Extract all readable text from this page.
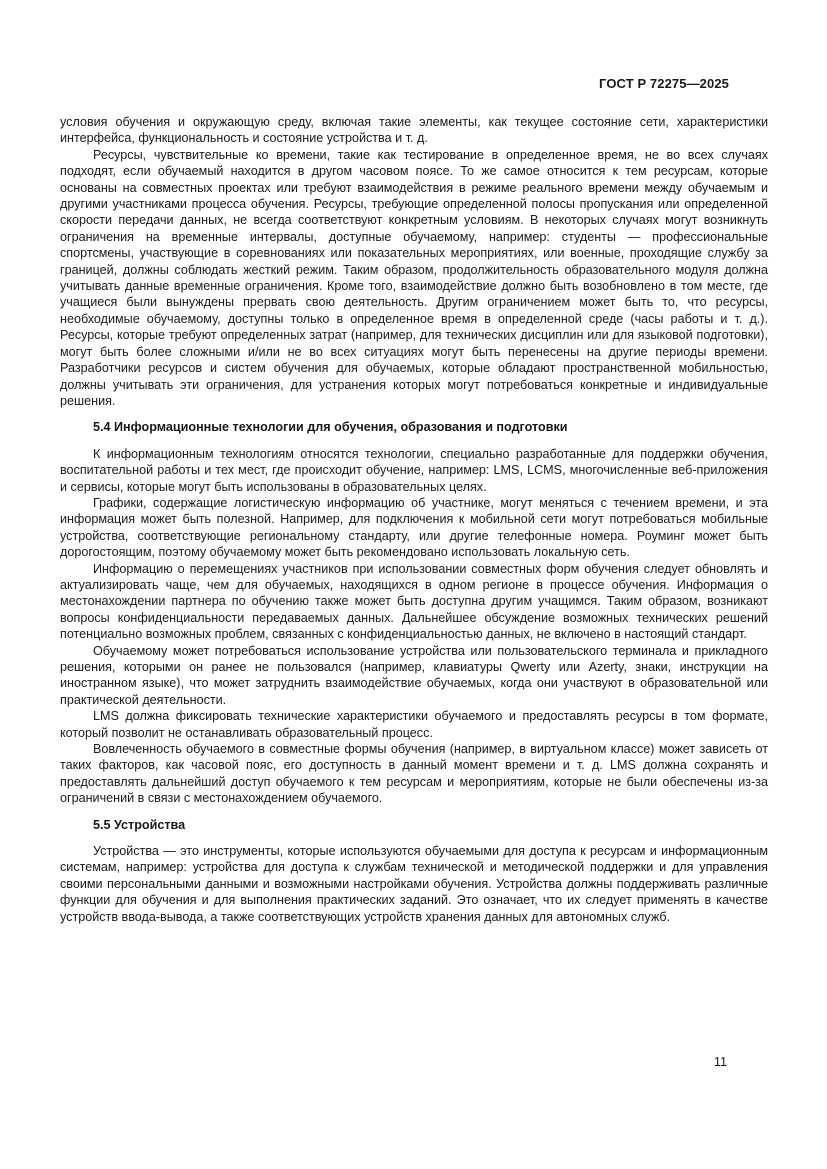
ГОСТ Р 72275—2025

условия обучения и окружающую среду, включая такие элементы, как текущее состояние сети, характеристики интерфейса, функциональность и состояние устройства и т. д.

Ресурсы, чувствительные ко времени, такие как тестирование в определенное время, не во всех случаях подходят, если обучаемый находится в другом часовом поясе. То же самое относится к тем ресурсам, которые основаны на совместных проектах или требуют взаимодействия в режиме реального времени между обучаемым и другими участниками процесса обучения. Ресурсы, требующие определенной полосы пропускания или определенной скорости передачи данных, не всегда соответствуют конкретным условиям. В некоторых случаях могут возникнуть ограничения на временные интервалы, доступные обучаемому, например: студенты — профессиональные спортсмены, участвующие в соревнованиях или показательных мероприятиях, или военные, проходящие службу за границей, должны соблюдать жесткий режим. Таким образом, продолжительность образовательного модуля должна учитывать данные временные ограничения. Кроме того, взаимодействие должно быть возобновлено в том месте, где учащиеся были вынуждены прервать свою деятельность. Другим ограничением может быть то, что ресурсы, необходимые обучаемому, доступны только в определенное время в определенной среде (часы работы и т. д.). Ресурсы, которые требуют определенных затрат (например, для технических дисциплин или для языковой подготовки), могут быть более сложными и/или не во всех ситуациях могут быть перенесены на другие периоды времени. Разработчики ресурсов и систем обучения для обучаемых, которые обладают пространственной мобильностью, должны учитывать эти ограничения, для устранения которых могут потребоваться конкретные и индивидуальные решения.

5.4 Информационные технологии для обучения, образования и подготовки

К информационным технологиям относятся технологии, специально разработанные для поддержки обучения, воспитательной работы и тех мест, где происходит обучение, например: LMS, LCMS, многочисленные веб-приложения и сервисы, которые могут быть использованы в образовательных целях.

Графики, содержащие логистическую информацию об участнике, могут меняться с течением времени, и эта информация может быть полезной. Например, для подключения к мобильной сети могут потребоваться мобильные устройства, соответствующие региональному стандарту, или другие телефонные номера. Роуминг может быть дорогостоящим, поэтому обучаемому может быть рекомендовано использовать локальную сеть.

Информацию о перемещениях участников при использовании совместных форм обучения следует обновлять и актуализировать чаще, чем для обучаемых, находящихся в одном регионе в процессе обучения. Информация о местонахождении партнера по обучению также может быть доступна другим учащимся. Таким образом, возникают вопросы конфиденциальности передаваемых данных. Дальнейшее обсуждение возможных технических решений потенциально возможных проблем, связанных с конфиденциальностью данных, не включено в настоящий стандарт.

Обучаемому может потребоваться использование устройства или пользовательского терминала и прикладного решения, которыми он ранее не пользовался (например, клавиатуры Qwerty или Azerty, знаки, инструкции на иностранном языке), что может затруднить взаимодействие обучаемых, когда они участвуют в образовательной или практической деятельности.

LMS должна фиксировать технические характеристики обучаемого и предоставлять ресурсы в том формате, который позволит не останавливать образовательный процесс.

Вовлеченность обучаемого в совместные формы обучения (например, в виртуальном классе) может зависеть от таких факторов, как часовой пояс, его доступность в данный момент времени и т. д. LMS должна сохранять и предоставлять дальнейший доступ обучаемого к тем ресурсам и мероприятиям, которые не были обеспечены из-за ограничений в связи с местонахождением обучаемого.

5.5 Устройства

Устройства — это инструменты, которые используются обучаемыми для доступа к ресурсам и информационным системам, например: устройства для доступа к службам технической и методической поддержки и для управления своими персональными данными и возможными настройками обучения. Устройства должны поддерживать различные функции для обучения и для выполнения практических заданий. Это означает, что их следует применять в качестве устройств ввода-вывода, а также соответствующих устройств хранения данных для автономных служб.

11
